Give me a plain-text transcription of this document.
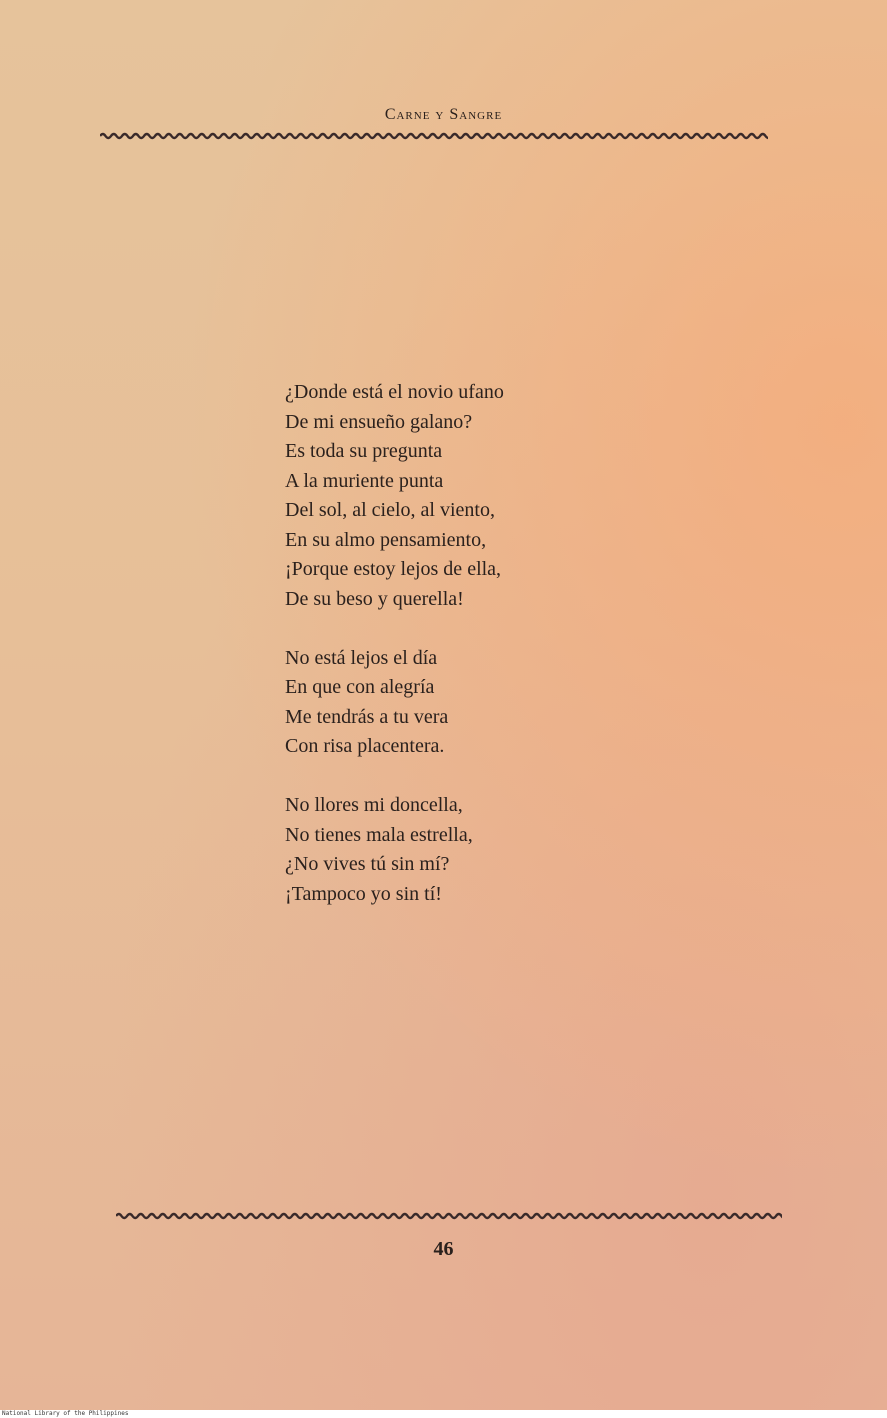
Carne y Sangre
¿Donde está el novio ufano
De mi ensueño galano?
Es toda su pregunta
A la muriente punta
Del sol, al cielo, al viento,
En su almo pensamiento,
¡Porque estoy lejos de ella,
De su beso y querella!
No está lejos el día
En que con alegría
Me tendrás a tu vera
Con risa placentera.
No llores mi doncella,
No tienes mala estrella,
¿No vives tú sin mí?
¡Tampoco yo sin tí!
46
National Library of the Philippines
